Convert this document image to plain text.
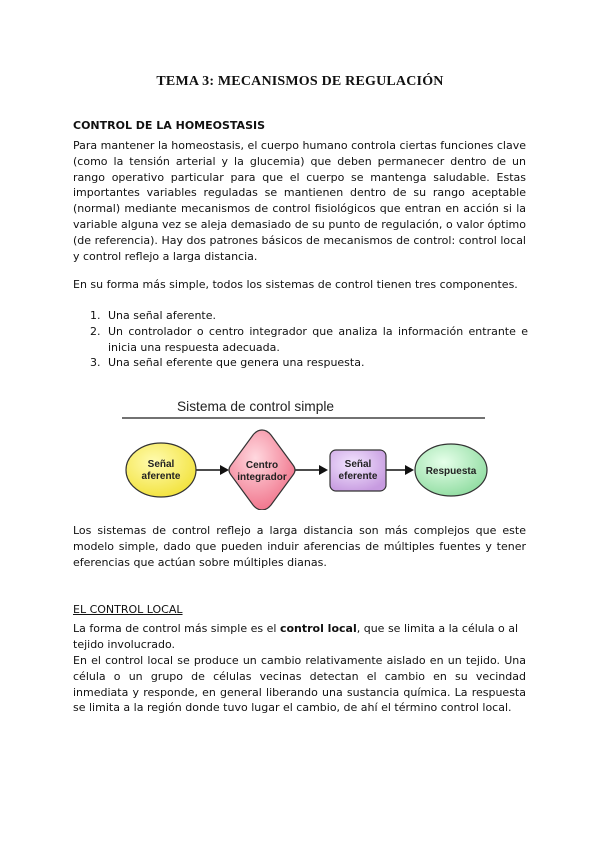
TEMA 3: MECANISMOS DE REGULACIÓN
CONTROL DE LA HOMEOSTASIS
Para mantener la homeostasis, el cuerpo humano controla ciertas funciones clave (como la tensión arterial y la glucemia) que deben permanecer dentro de un rango operativo particular para que el cuerpo se mantenga saludable. Estas importantes variables reguladas se mantienen dentro de su rango aceptable (normal) mediante mecanismos de control fisiológicos que entran en acción si la variable alguna vez se aleja demasiado de su punto de regulación, o valor óptimo (de referencia). Hay dos patrones básicos de mecanismos de control: control local y control reflejo a larga distancia.
En su forma más simple, todos los sistemas de control tienen tres componentes.
1. Una señal aferente.
2. Un controlador o centro integrador que analiza la información entrante e inicia una respuesta adecuada.
3. Una señal eferente que genera una respuesta.
Sistema de control simple
Señal
aferente
Centro
integrador
Señal
eferente	Respuesta
Los sistemas de control reflejo a larga distancia son más complejos que este modelo simple, dado que pueden induir aferencias de múltiples fuentes y tener eferencias que actúan sobre múltiples dianas.
EL CONTROL LOCAL
La forma de control más simple es el control local, que se limita a la célula o al tejido involucrado.
En el control local se produce un cambio relativamente aislado en un tejido. Una célula o un grupo de células vecinas detectan el cambio en su vecindad inmediata y responde, en general liberando una sustancia química. La respuesta se limita a la región donde tuvo lugar el cambio, de ahí el término control local.
